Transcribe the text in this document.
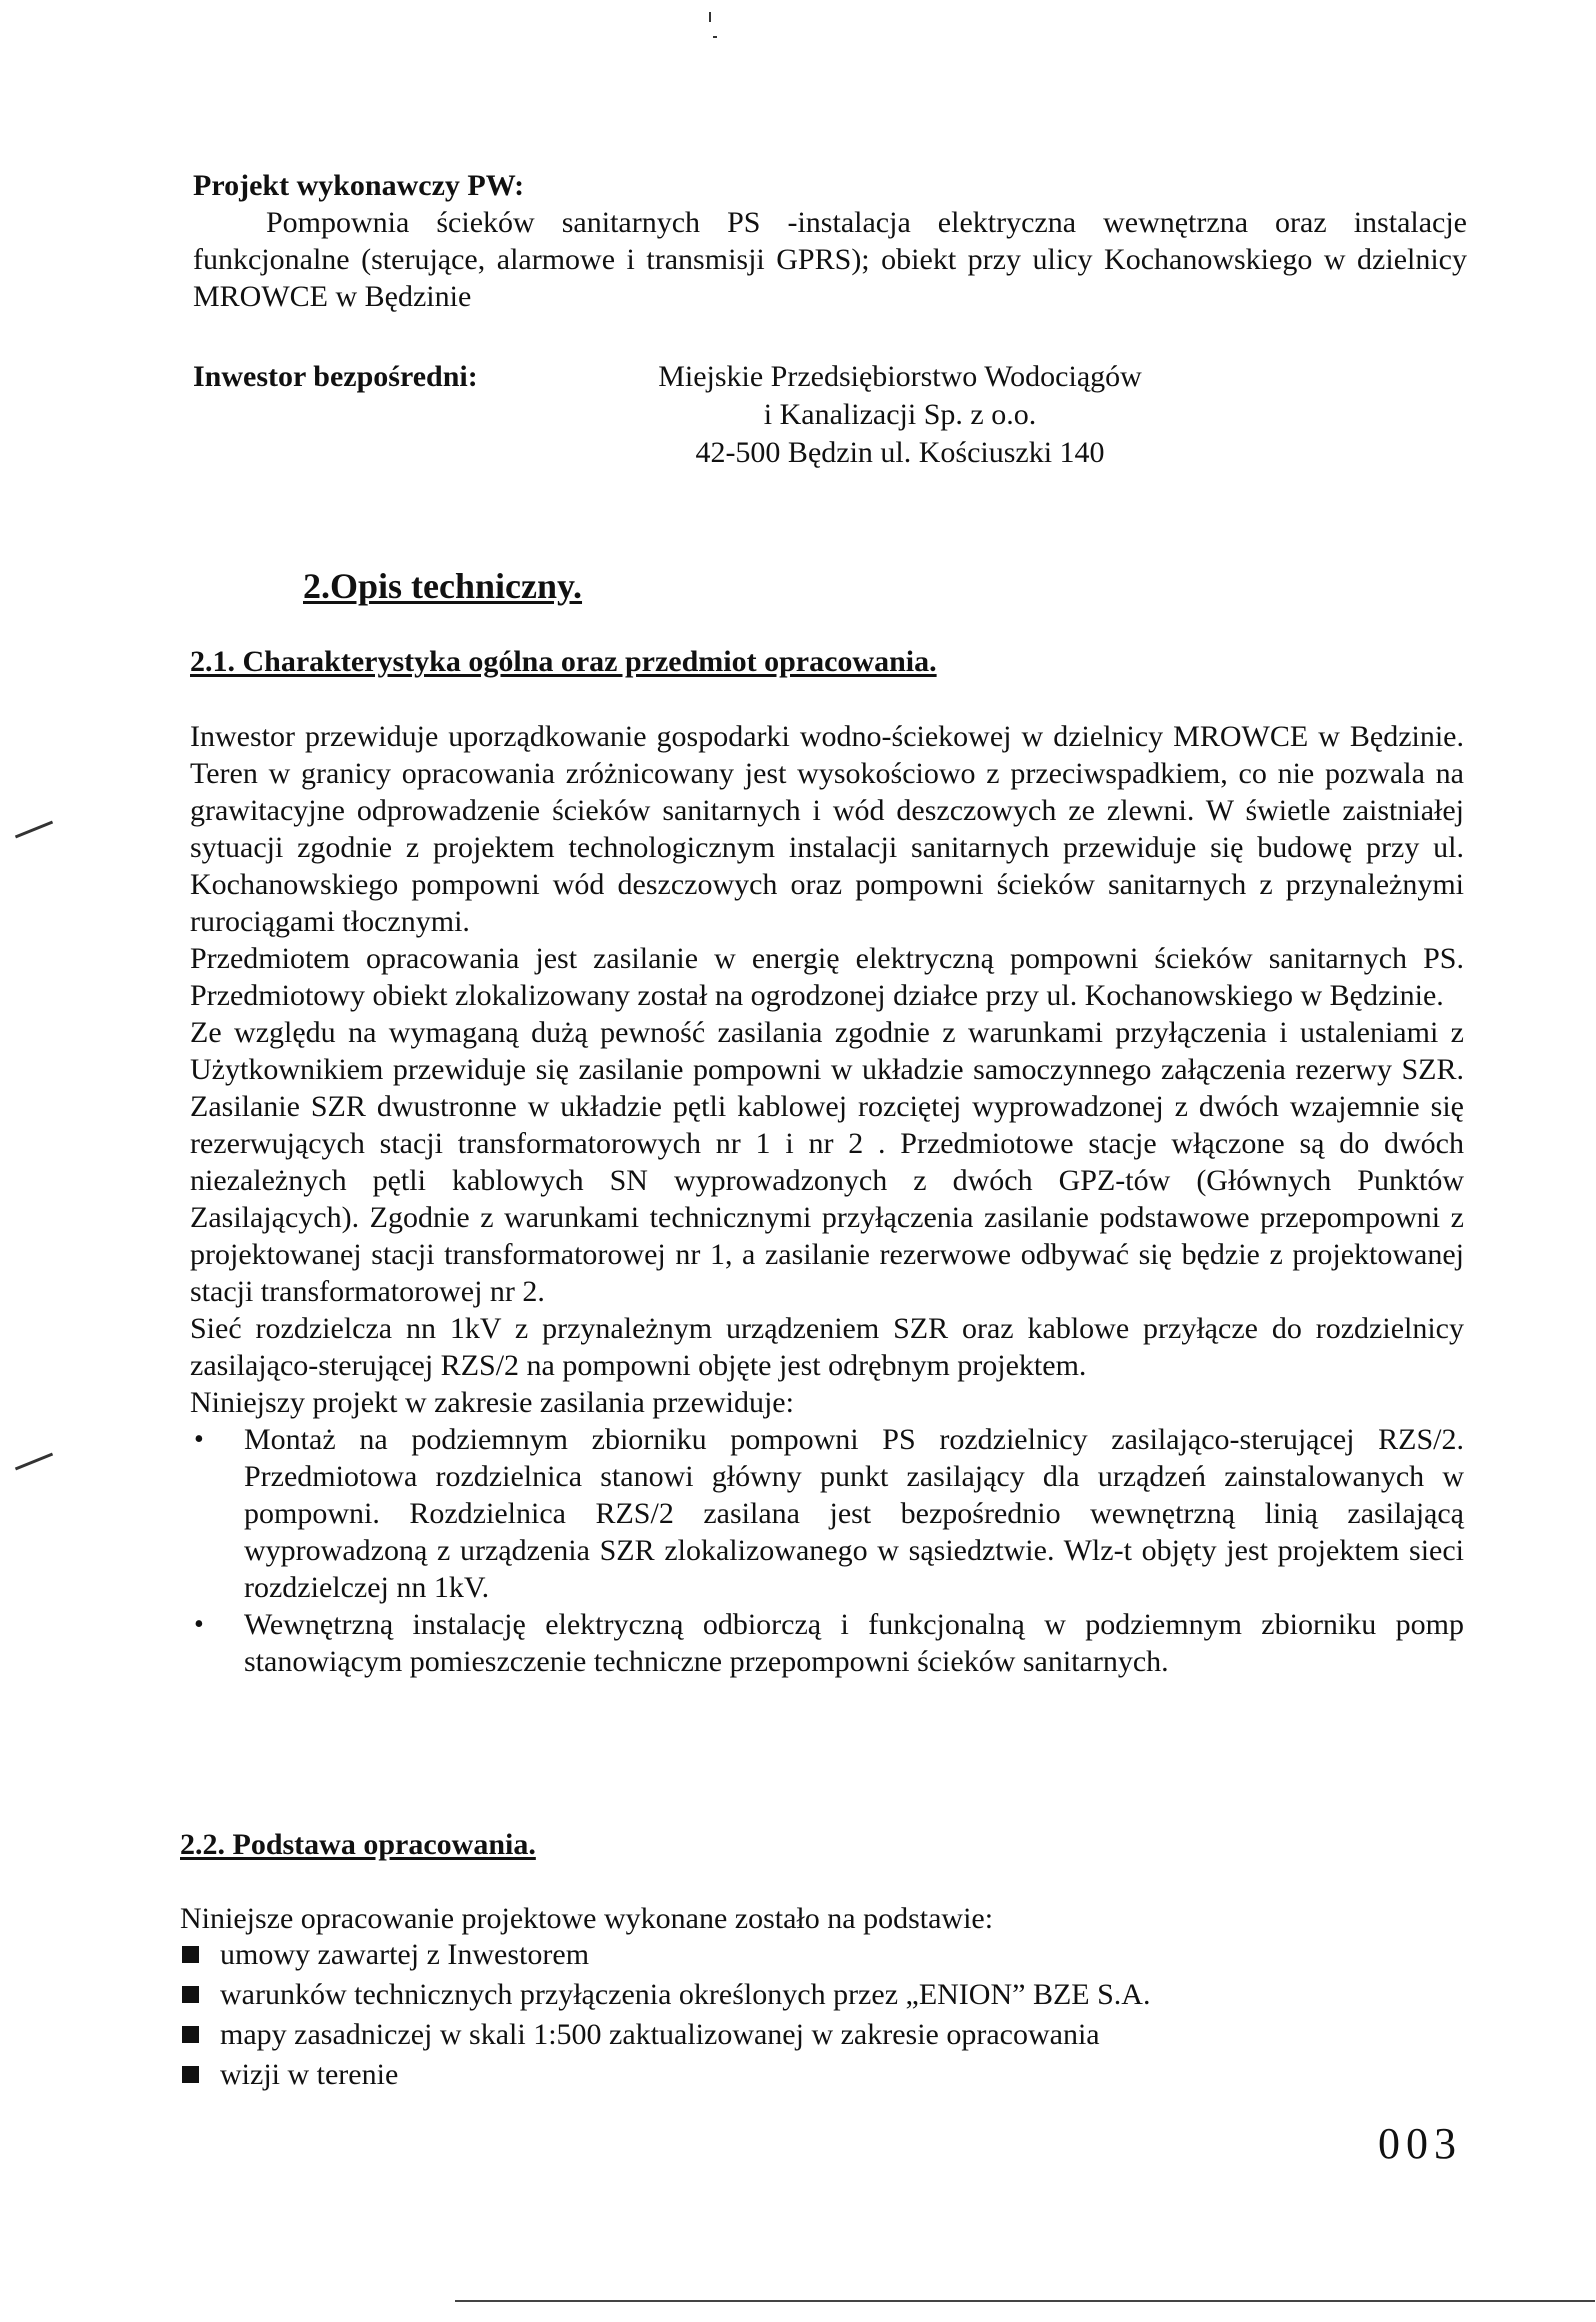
Projekt wykonawczy PW:
Pompownia ścieków sanitarnych PS -instalacja elektryczna wewnętrzna oraz instalacje funkcjonalne (sterujące, alarmowe i transmisji GPRS); obiekt przy ulicy Kochanowskiego w dzielnicy MROWCE w Będzinie
Inwestor bezpośredni:	Miejskie Przedsiębiorstwo Wodociągów
i Kanalizacji Sp. z o.o.
42-500 Będzin ul. Kościuszki 140
2.Opis techniczny.
2.1. Charakterystyka ogólna oraz przedmiot opracowania.
Inwestor przewiduje uporządkowanie gospodarki wodno-ściekowej w dzielnicy MROWCE w Będzinie. Teren w granicy opracowania zróżnicowany jest wysokościowo z przeciwspadkiem, co nie pozwala na grawitacyjne odprowadzenie ścieków sanitarnych i wód deszczowych ze zlewni. W świetle zaistniałej sytuacji zgodnie z projektem technologicznym instalacji sanitarnych przewiduje się budowę przy ul. Kochanowskiego pompowni wód deszczowych oraz pompowni ścieków sanitarnych z przynależnymi rurociągami tłocznymi.
Przedmiotem opracowania jest zasilanie w energię elektryczną pompowni ścieków sanitarnych PS. Przedmiotowy obiekt zlokalizowany został na ogrodzonej działce przy ul. Kochanowskiego w Będzinie.
Ze względu na wymaganą dużą pewność zasilania zgodnie z warunkami przyłączenia i ustaleniami z Użytkownikiem przewiduje się zasilanie pompowni w układzie samoczynnego załączenia rezerwy SZR. Zasilanie SZR dwustronne w układzie pętli kablowej rozciętej wyprowadzonej z dwóch wzajemnie się rezerwujących stacji transformatorowych nr 1 i nr 2 . Przedmiotowe stacje włączone są do dwóch niezależnych pętli kablowych SN wyprowadzonych z dwóch GPZ-tów (Głównych Punktów Zasilających). Zgodnie z warunkami technicznymi przyłączenia zasilanie podstawowe przepompowni z projektowanej stacji transformatorowej nr 1, a zasilanie rezerwowe odbywać się będzie z projektowanej stacji transformatorowej nr 2.
Sieć rozdzielcza nn 1kV z przynależnym urządzeniem SZR oraz kablowe przyłącze do rozdzielnicy zasilająco-sterującej RZS/2 na pompowni objęte jest odrębnym projektem.
Niniejszy projekt w zakresie zasilania przewiduje:
• Montaż na podziemnym zbiorniku pompowni PS rozdzielnicy zasilająco-sterującej RZS/2. Przedmiotowa rozdzielnica stanowi główny punkt zasilający dla urządzeń zainstalowanych w pompowni. Rozdzielnica RZS/2 zasilana jest bezpośrednio wewnętrzną linią zasilającą wyprowadzoną z urządzenia SZR zlokalizowanego w sąsiedztwie. Wlz-t objęty jest projektem sieci rozdzielczej nn 1kV.
• Wewnętrzną instalację elektryczną odbiorczą i funkcjonalną w podziemnym zbiorniku pomp stanowiącym pomieszczenie techniczne przepompowni ścieków sanitarnych.
2.2. Podstawa opracowania.
Niniejsze opracowanie projektowe wykonane zostało na podstawie:
umowy zawartej z Inwestorem
warunków technicznych przyłączenia określonych przez „ENION” BZE S.A.
mapy zasadniczej w skali 1:500 zaktualizowanej w zakresie opracowania
wizji w terenie
003
